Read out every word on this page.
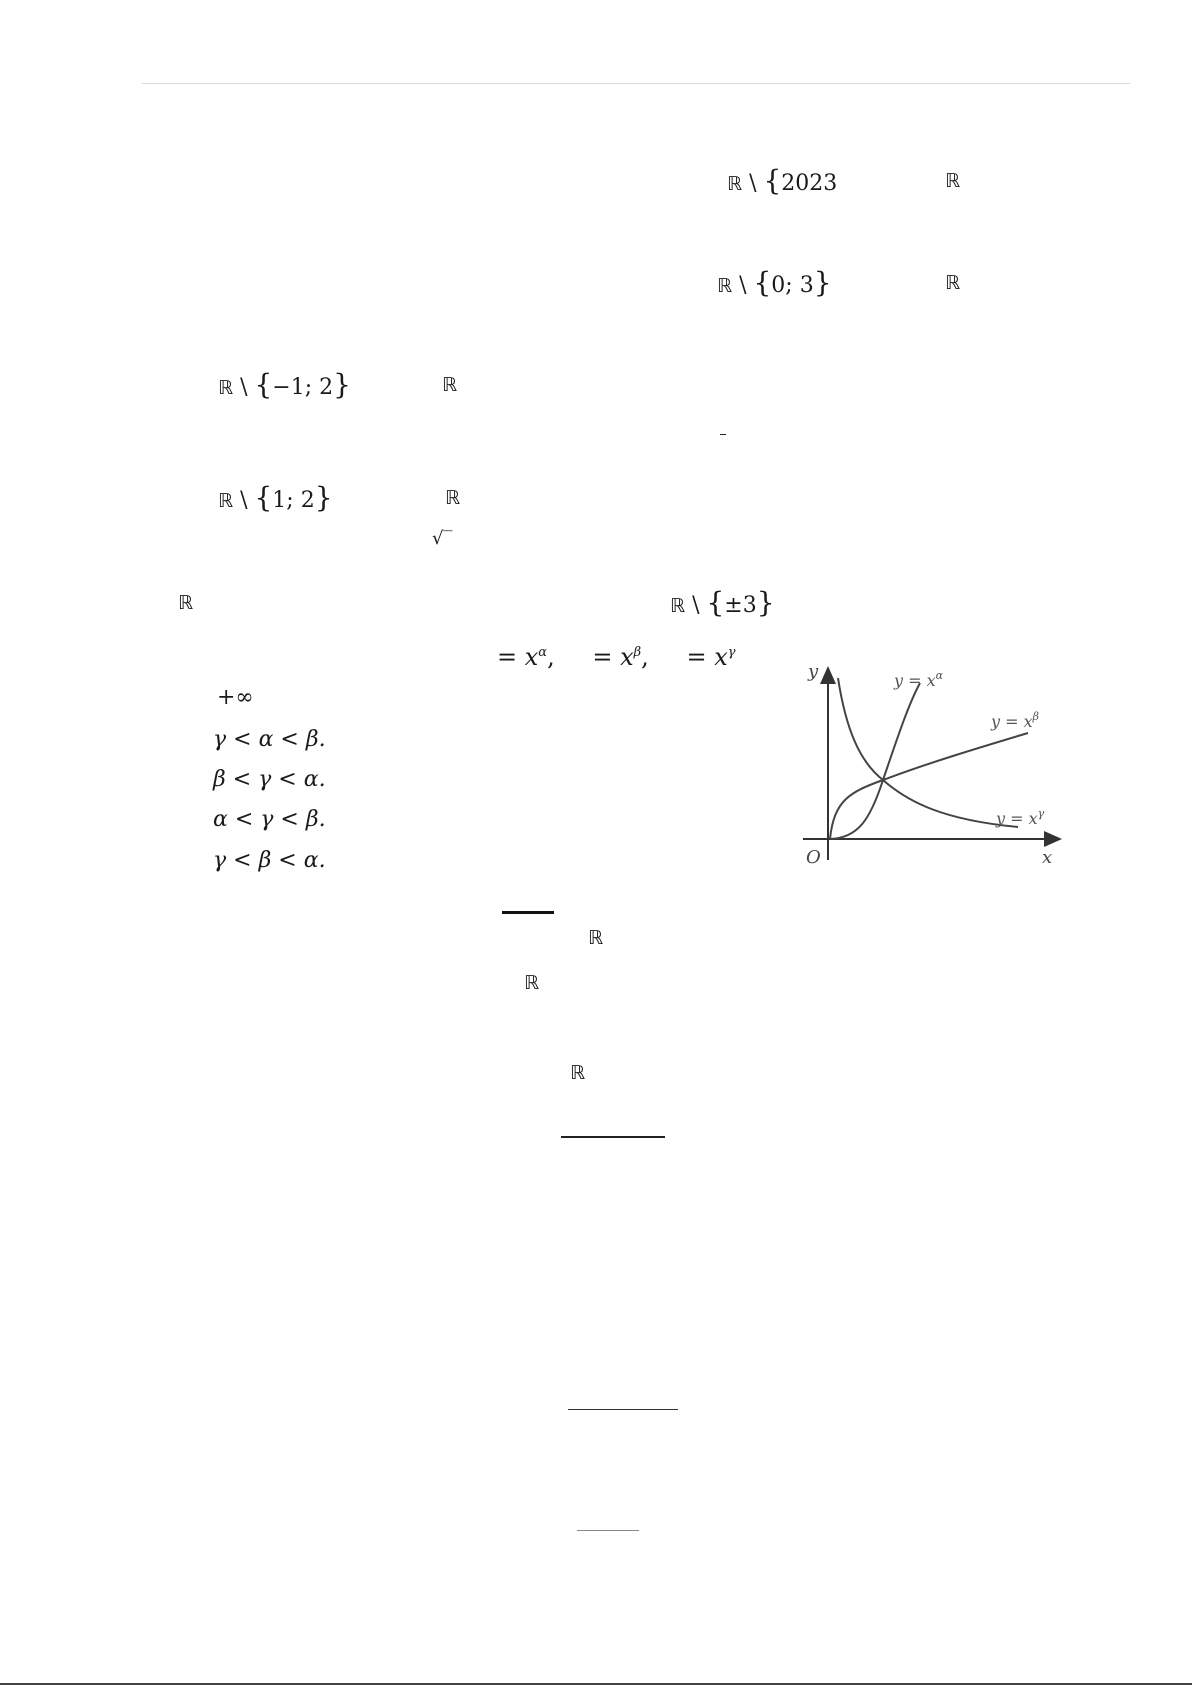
ℝ \ {2023	ℝ
ℝ \ {0; 3}	ℝ
ℝ \ {−1; 2}	ℝ
ℝ \ {1; 2}	ℝ
√‾
ℝ	ℝ \ {±3}
= $x^\alpha$, = $x^\beta$, = $x^\gamma$
+∞
γ < α < β.
β < γ < α.
α < γ < β.
γ < β < α.
y
x
O
$y = x^\alpha$
$y = x^\beta$
$y = x^\gamma$
ℝ
ℝ
ℝ
